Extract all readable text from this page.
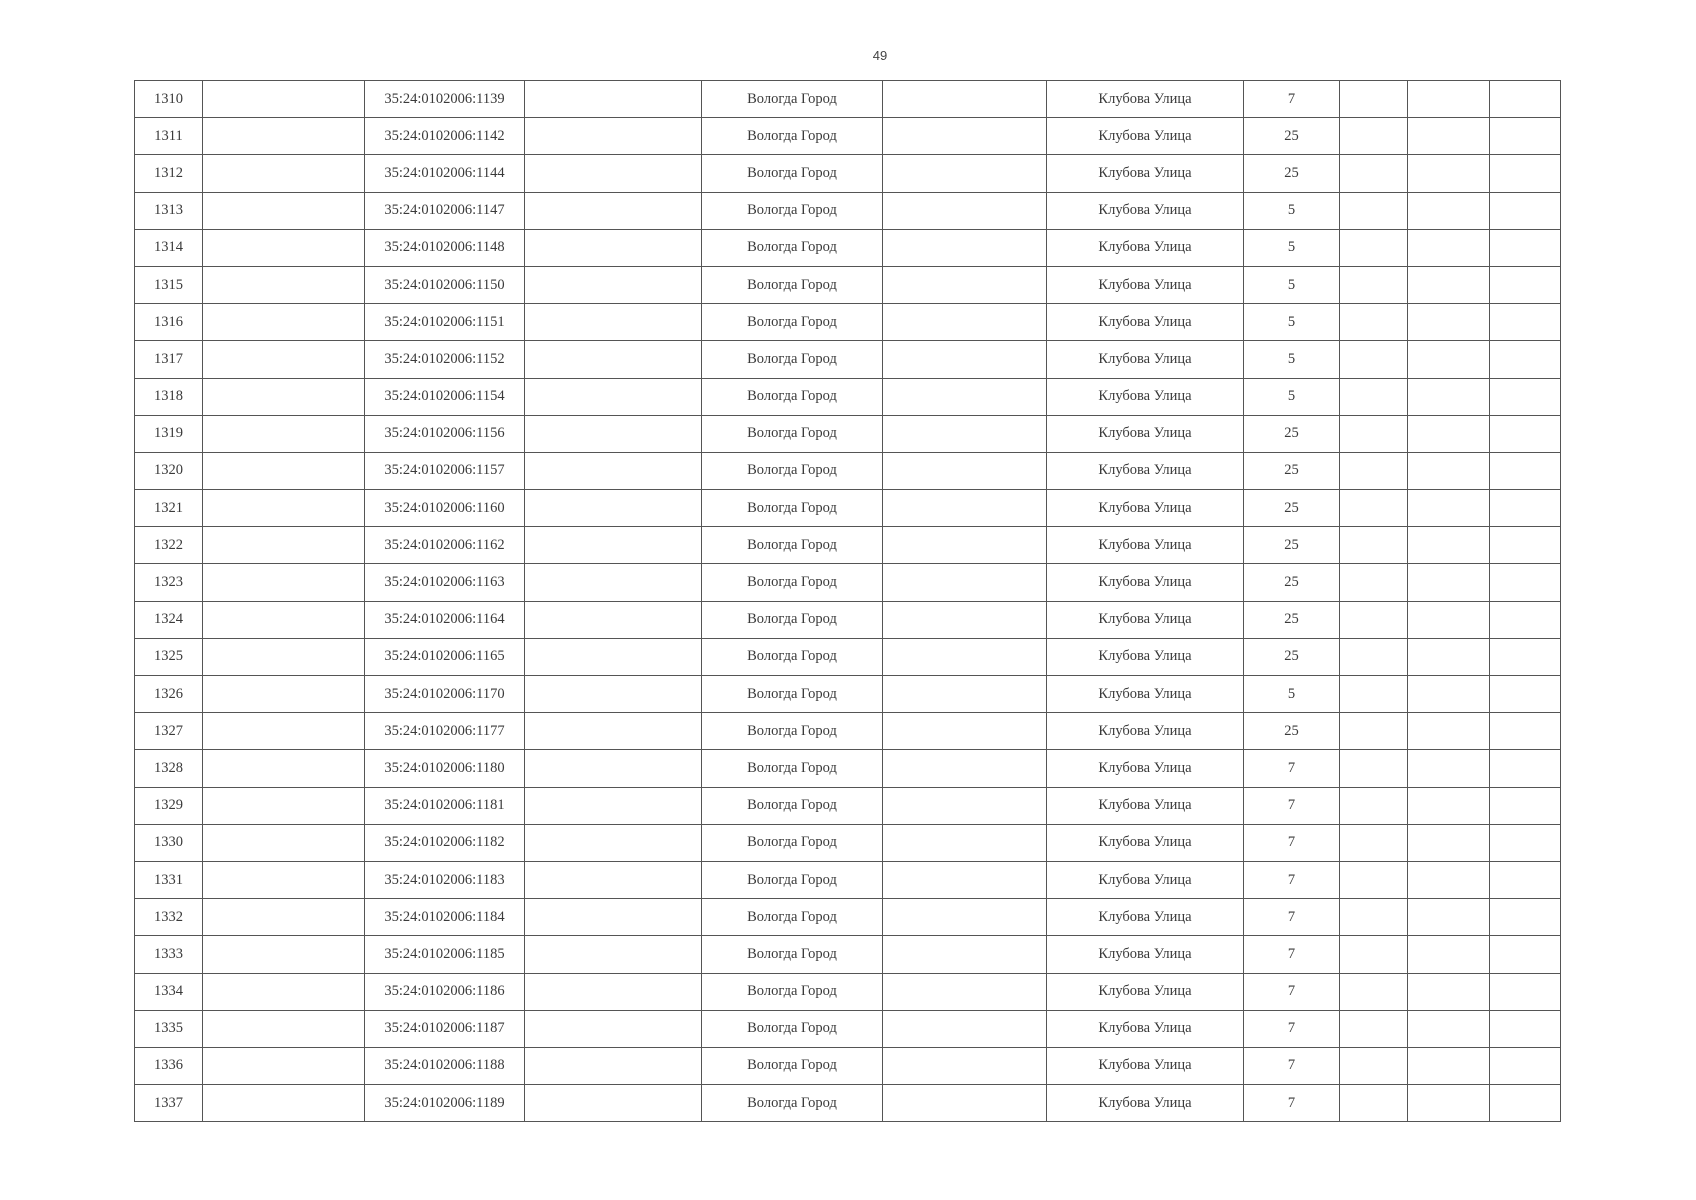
49
1310		35:24:0102006:1139		Вологда Город		Клубова Улица	7			
1311		35:24:0102006:1142		Вологда Город		Клубова Улица	25			
1312		35:24:0102006:1144		Вологда Город		Клубова Улица	25			
1313		35:24:0102006:1147		Вологда Город		Клубова Улица	5			
1314		35:24:0102006:1148		Вологда Город		Клубова Улица	5			
1315		35:24:0102006:1150		Вологда Город		Клубова Улица	5			
1316		35:24:0102006:1151		Вологда Город		Клубова Улица	5			
1317		35:24:0102006:1152		Вологда Город		Клубова Улица	5			
1318		35:24:0102006:1154		Вологда Город		Клубова Улица	5			
1319		35:24:0102006:1156		Вологда Город		Клубова Улица	25			
1320		35:24:0102006:1157		Вологда Город		Клубова Улица	25			
1321		35:24:0102006:1160		Вологда Город		Клубова Улица	25			
1322		35:24:0102006:1162		Вологда Город		Клубова Улица	25			
1323		35:24:0102006:1163		Вологда Город		Клубова Улица	25			
1324		35:24:0102006:1164		Вологда Город		Клубова Улица	25			
1325		35:24:0102006:1165		Вологда Город		Клубова Улица	25			
1326		35:24:0102006:1170		Вологда Город		Клубова Улица	5			
1327		35:24:0102006:1177		Вологда Город		Клубова Улица	25			
1328		35:24:0102006:1180		Вологда Город		Клубова Улица	7			
1329		35:24:0102006:1181		Вологда Город		Клубова Улица	7			
1330		35:24:0102006:1182		Вологда Город		Клубова Улица	7			
1331		35:24:0102006:1183		Вологда Город		Клубова Улица	7			
1332		35:24:0102006:1184		Вологда Город		Клубова Улица	7			
1333		35:24:0102006:1185		Вологда Город		Клубова Улица	7			
1334		35:24:0102006:1186		Вологда Город		Клубова Улица	7			
1335		35:24:0102006:1187		Вологда Город		Клубова Улица	7			
1336		35:24:0102006:1188		Вологда Город		Клубова Улица	7			
1337		35:24:0102006:1189		Вологда Город		Клубова Улица	7			
